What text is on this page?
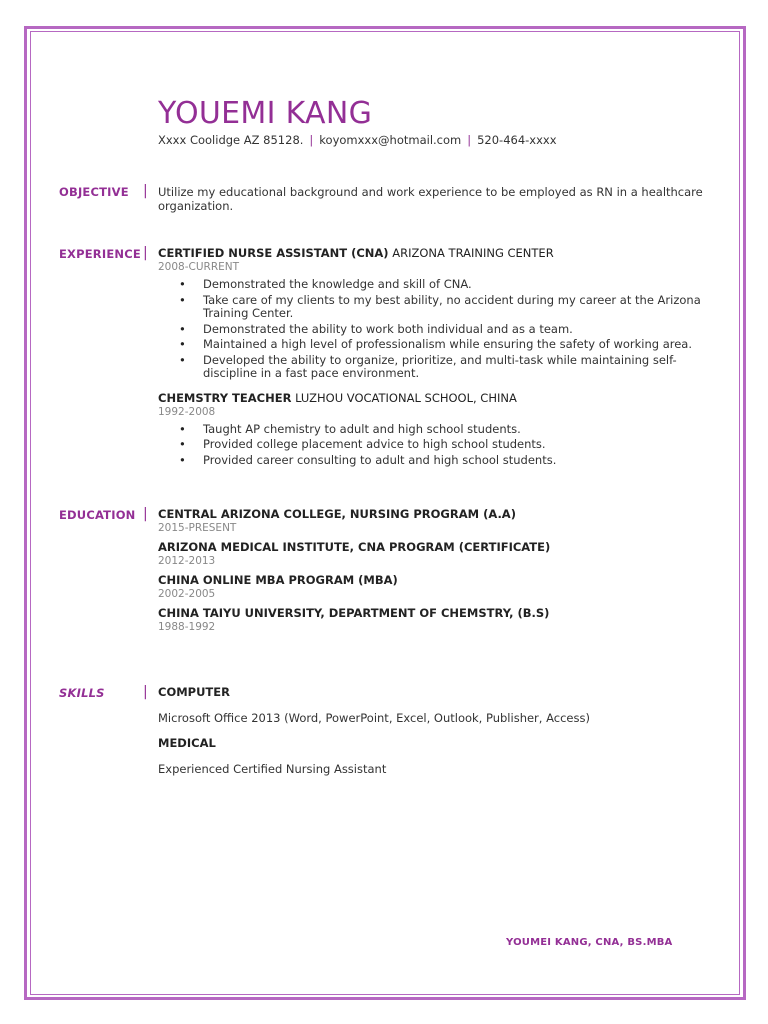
YOUEMI KANG
Xxxx Coolidge AZ 85128. | koyomxxx@hotmail.com | 520-464-xxxx
OBJECTIVE | Utilize my educational background and work experience to be employed as RN in a healthcare organization.

EXPERIENCE | CERTIFIED NURSE ASSISTANT (CNA) ARIZONA TRAINING CENTER

2008-CURRENT

• Demonstrated the knowledge and skill of CNA.
• Take care of my clients to my best ability, no accident during my career at the Arizona Training Center.
• Demonstrated the ability to work both individual and as a team.
• Maintained a high level of professionalism while ensuring the safety of working area.
• Developed the ability to organize, prioritize, and multi-task while maintaining self-discipline in a fast pace environment.

CHEMSTRY TEACHER LUZHOU VOCATIONAL SCHOOL, CHINA

1992-2008

• Taught AP chemistry to adult and high school students.
• Provided college placement advice to high school students.
• Provided career consulting to adult and high school students.
EDUCATION | CENTRAL ARIZONA COLLEGE, NURSING PROGRAM (A.A)

2015-PRESENT

ARIZONA MEDICAL INSTITUTE, CNA PROGRAM (CERTIFICATE)

2012-2013

CHINA ONLINE MBA PROGRAM (MBA)

2002-2005

CHINA TAIYU UNIVERSITY, DEPARTMENT OF CHEMSTRY, (B.S)

1988-1992

SKILLS	| COMPUTER

Microsoft Office 2013 (Word, PowerPoint, Excel, Outlook, Publisher, Access)

MEDICAL

Experienced Certified Nursing Assistant

YOUMEI KANG, CNA, BS.MBA
